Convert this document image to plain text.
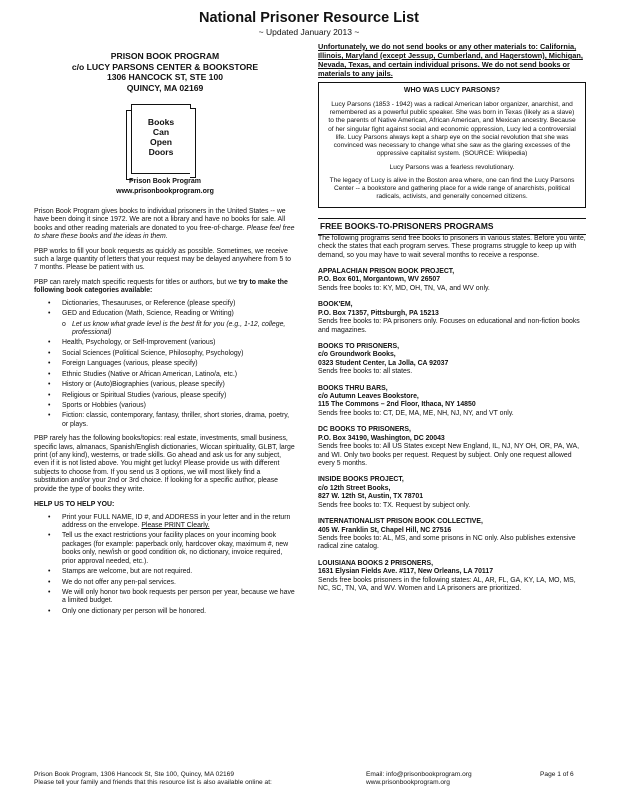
National Prisoner Resource List
~ Updated January 2013 ~
PRISON BOOK PROGRAM
c/o LUCY PARSONS CENTER & BOOKSTORE
1306 HANCOCK ST, STE 100
QUINCY, MA 02169
Books
Can
Open
Doors
Prison Book Program
www.prisonbookprogram.org

Prison Book Program gives books to individual prisoners in the United States -- we have been doing it since 1972. We are not a library and have no books for sale. All books and other reading materials are donated to you free-of-charge. Please feel free to share these books and the ideas in them.

PBP works to fill your book requests as quickly as possible. Sometimes, we receive such a large quantity of letters that your request may be delayed anywhere from 5 to 7 months. Please be patient with us.

PBP can rarely match specific requests for titles or authors, but we try to make the following book categories available:

• Dictionaries, Thesauruses, or Reference (please specify)
• GED and Education (Math, Science, Reading or Writing)
o Let us know what grade level is the best fit for you (e.g., 1-12, college, professional)
• Health, Psychology, or Self-Improvement (various)
• Social Sciences (Political Science, Philosophy, Psychology)
• Foreign Languages (various, please specify)
• Ethnic Studies (Native or African American, Latino/a, etc.)
• History or (Auto)Biographies (various, please specify)
• Religious or Spiritual Studies (various, please specify)
• Sports or Hobbies (various)
• Fiction: classic, contemporary, fantasy, thriller, short stories, drama, poetry, or plays.

PBP rarely has the following books/topics: real estate, investments, small business, specific laws, almanacs, Spanish/English dictionaries, Wiccan spirituality, GLBT, large print (of any kind), westerns, or trade skills. Go ahead and ask us for any subject, even if it is not listed above. You might get lucky! Please provide us with different subjects to choose from. If you send us 3 options, we will most likely find a substitution and/or your 2nd or 3rd choice. If looking for a specific author, please provide the type of books they write.

HELP US TO HELP YOU:
• Print your FULL NAME, ID #, and ADDRESS in your letter and in the return address on the envelope. Please PRINT Clearly.
• Tell us the exact restrictions your facility places on your incoming book packages (for example: paperback only, hardcover okay, maximum #, new books only, new/ish or good condition ok, no dictionary, invoice required, prior approval needed, etc.).
• Stamps are welcome, but are not required.
• We do not offer any pen-pal services.
• We will only honor two book requests per person per year, because we have a limited budget.
• Only one dictionary per person will be honored.
Unfortunately, we do not send books or any other materials to: California, Illinois, Maryland (except Jessup, Cumberland, and Hagerstown), Michigan, Nevada, Texas, and certain individual prisons. We do not send books or materials to any jails.
WHO WAS LUCY PARSONS?

Lucy Parsons (1853 - 1942) was a radical American labor organizer, anarchist, and remembered as a powerful public speaker. She was born in Texas (likely as a slave) to the parents of Native American, African American, and Mexican ancestry. Because of her singular fight against social and economic oppression, Lucy led a controversial life. Lucy Parsons always kept a sharp eye on the social revolution that she was convinced was necessary to change what she saw as the glaring excesses of the oppressive capitalist system. (SOURCE: Wikipedia)

Lucy Parsons was a fearless revolutionary.

The legacy of Lucy is alive in the Boston area where, one can find the Lucy Parsons Center -- a bookstore and gathering place for a wide range of anarchists, political radicals, activists, and generally concerned citizens.

FREE BOOKS-TO-PRISONERS PROGRAMS
The following programs send free books to prisoners in various states. Before you write, check the states that each program serves. These programs struggle to keep up with demand, so you may have to wait several months to receive a response.
APPALACHIAN PRISON BOOK PROJECT,
P.O. Box 601, Morgantown, WV 26507
Sends free books to: KY, MD, OH, TN, VA, and WV only.
BOOK'EM,
P.O. Box 71357, Pittsburgh, PA 15213
Sends free books to: PA prisoners only. Focuses on educational and non-fiction books and magazines.
BOOKS TO PRISONERS,
c/o Groundwork Books,
0323 Student Center, La Jolla, CA 92037
Sends free books to: all states.
BOOKS THRU BARS,
c/o Autumn Leaves Bookstore,
115 The Commons – 2nd Floor, Ithaca, NY 14850
Sends free books to: CT, DE, MA, ME, NH, NJ, NY, and VT only.
DC BOOKS TO PRISONERS,
P.O. Box 34190, Washington, DC 20043
Sends free books to: All US States except New England, IL, NJ, NY OH, OR, PA, WA, and WI. Only two books per request. Request by subject. Only one request allowed every 5 months.
INSIDE BOOKS PROJECT,
c/o 12th Street Books,
827 W. 12th St, Austin, TX 78701
Sends free books to: TX. Request by subject only.
INTERNATIONALIST PRISON BOOK COLLECTIVE,
405 W. Franklin St, Chapel Hill, NC 27516
Sends free books to: AL, MS, and some prisons in NC only. Also publishes extensive radical zine catalog.
LOUISIANA BOOKS 2 PRISONERS,
1631 Elysian Fields Ave. #117, New Orleans, LA 70117
Sends free books prisoners in the following states: AL, AR, FL, GA, KY, LA, MO, MS, NC, SC, TN, VA, and WV. Women and LA prisoners are prioritized.
Prison Book Program, 1306 Hancock St, Ste 100, Quincy, MA 02169
Please tell your family and friends that this resource list is also available online at:
Email: info@prisonbookprogram.org
www.prisonbookprogram.org
Page 1 of 6
